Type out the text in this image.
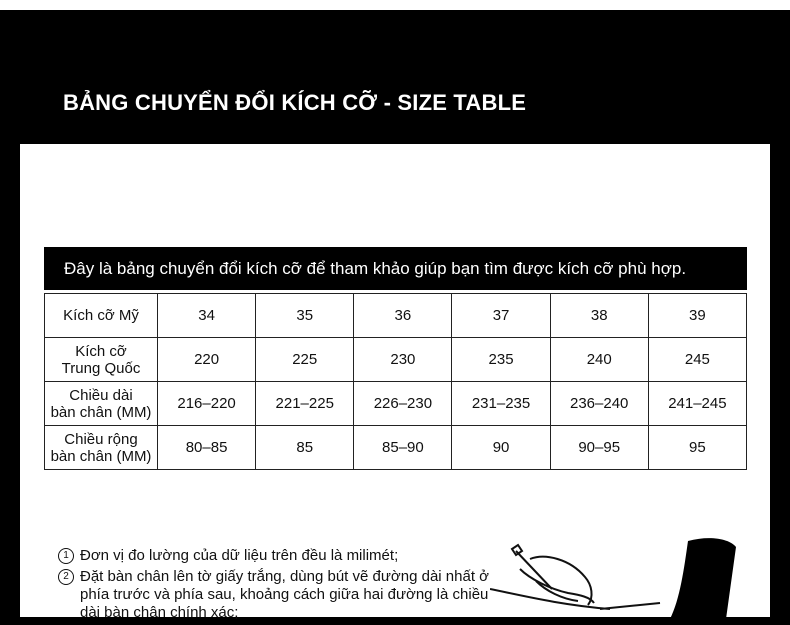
BẢNG CHUYỂN ĐỔI KÍCH CỠ - SIZE TABLE
Đây là bảng chuyển đổi kích cỡ để tham khảo giúp bạn tìm được kích cỡ phù hợp.
Kích cỡ Mỹ	34	35	36	37	38	39
Kích cỡ
Trung Quốc	220	225	230	235	240	245
Chiều dài
bàn chân (MM)	216–220	221–225	226–230	231–235	236–240	241–245
Chiều rộng
bàn chân (MM)	80–85	85	85–90	90	90–95	95
1 Đơn vị đo lường của dữ liệu trên đều là milimét;
2 Đặt bàn chân lên tờ giấy trắng, dùng bút vẽ đường dài nhất ở phía trước và phía sau, khoảng cách giữa hai đường là chiều dài bàn chân chính xác;
